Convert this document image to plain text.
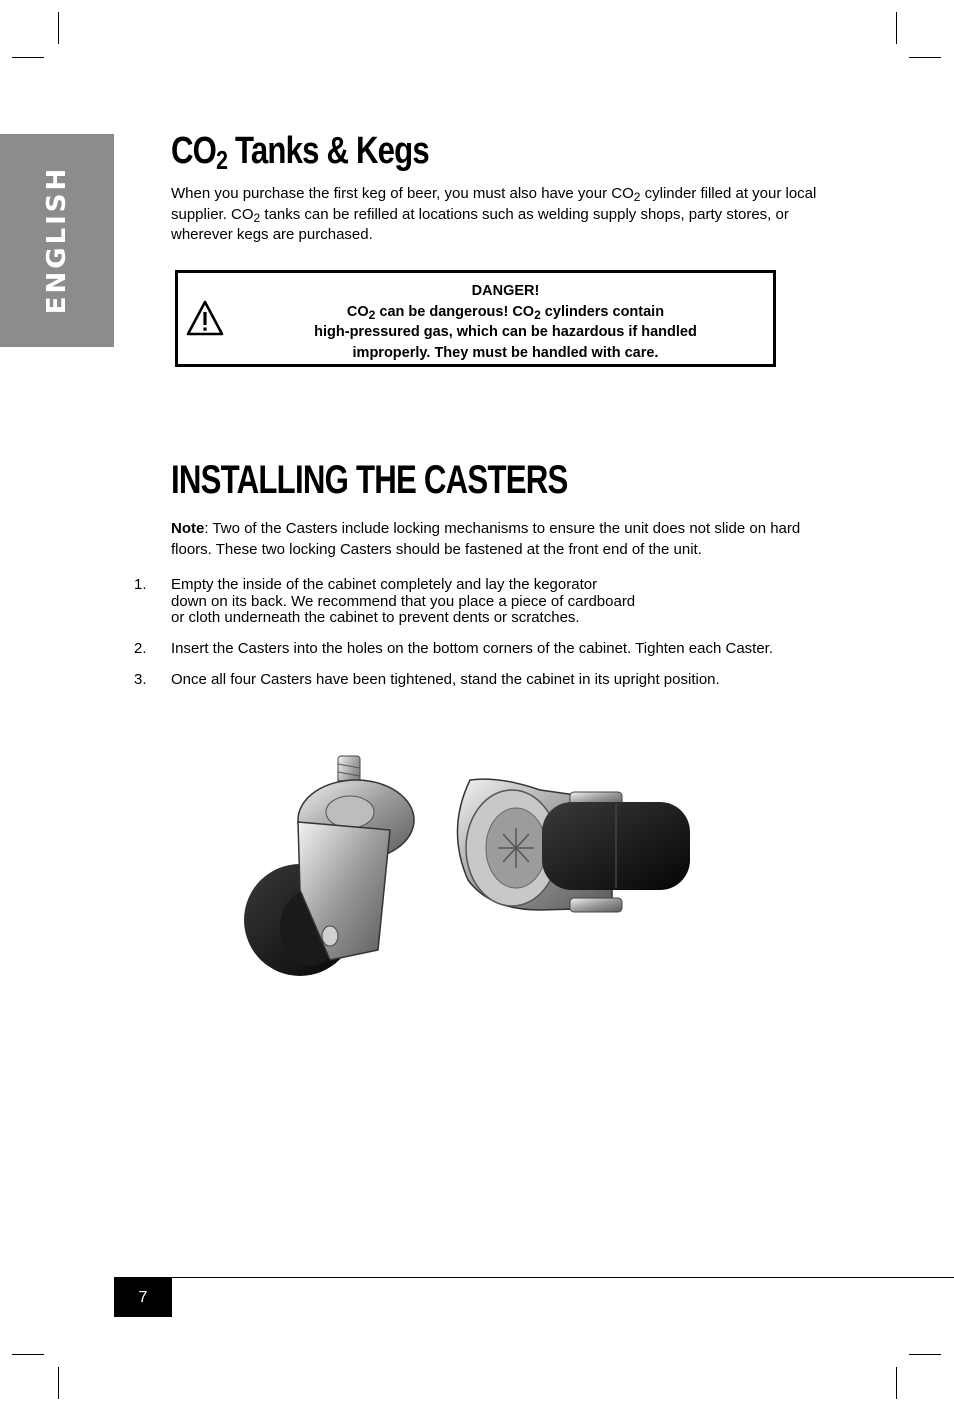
ENGLISH
$CO_2$ Tanks & Kegs

When you purchase the first keg of beer, you must also have your $CO_2$ cylinder filled at your local supplier. $CO_2$ tanks can be refilled at locations such as welding supply shops, party stores, or wherever kegs are purchased.

DANGER!
$CO_2$ can be dangerous! $CO_2$ cylinders contain
high-pressured gas, which can be hazardous if handled
improperly. They must be handled with care.
INSTALLING THE CASTERS

Note: Two of the Casters include locking mechanisms to ensure the unit does not slide on hard floors. These two locking Casters should be fastened at the front end of the unit.

1.	Empty the inside of the cabinet completely and lay the kegorator
down on its back. We recommend that you place a piece of cardboard
or cloth underneath the cabinet to prevent dents or scratches.
2.	Insert the Casters into the holes on the bottom corners of the cabinet. Tighten each Caster.
3.	Once all four Casters have been tightened, stand the cabinet in its upright position.
7
